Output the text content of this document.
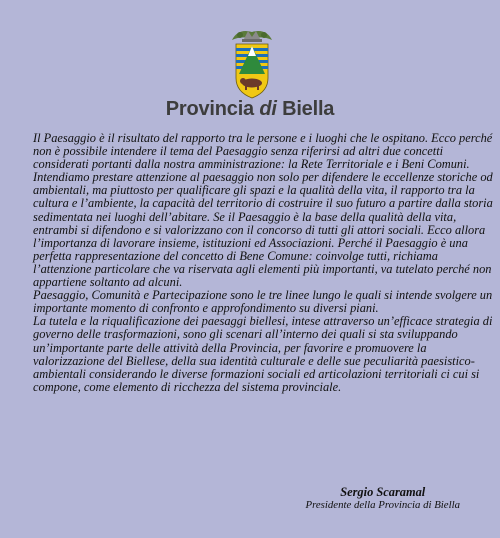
Provincia di Biella

Il Paesaggio è il risultato del rapporto tra le persone e i luoghi che le ospitano. Ecco perché non è possibile intendere il tema del Paesaggio senza riferirsi ad altri due concetti considerati portanti dalla nostra amministrazione: la Rete Territoriale e i Beni Comuni.

Intendiamo prestare attenzione al paesaggio non solo per difendere le eccellenze storiche od ambientali, ma piuttosto per qualificare gli spazi e la qualità della vita, il rapporto tra la cultura e l’ambiente, la capacità del territorio di costruire il suo futuro a partire dalla storia sedimentata nei luoghi dell’abitare. Se il Paesaggio è la base della qualità della vita, entrambi si difendono e si valorizzano con il concorso di tutti gli attori sociali. Ecco allora l’importanza di lavorare insieme, istituzioni ed Associazioni. Perché il Paesaggio è una perfetta rappresentazione del concetto di Bene Comune: coinvolge tutti, richiama l’attenzione particolare che va riservata agli elementi più importanti, va tutelato perché non appartiene soltanto ad alcuni.

Paesaggio, Comunità e Partecipazione sono le tre linee lungo le quali si intende svolgere un importante momento di confronto e approfondimento su diversi piani.

La tutela e la riqualificazione dei paesaggi biellesi, intese attraverso un’efficace strategia di governo delle trasformazioni, sono gli scenari all’interno dei quali si sta sviluppando un’importante parte delle attività della Provincia, per favorire e promuovere la valorizzazione del Biellese, della sua identità culturale e delle sue peculiarità paesistico-ambientali considerando le diverse formazioni sociali ed articolazioni territoriali ci cui si compone, come elemento di ricchezza del sistema provinciale.

Sergio Scaramal
Presidente della Provincia di Biella
